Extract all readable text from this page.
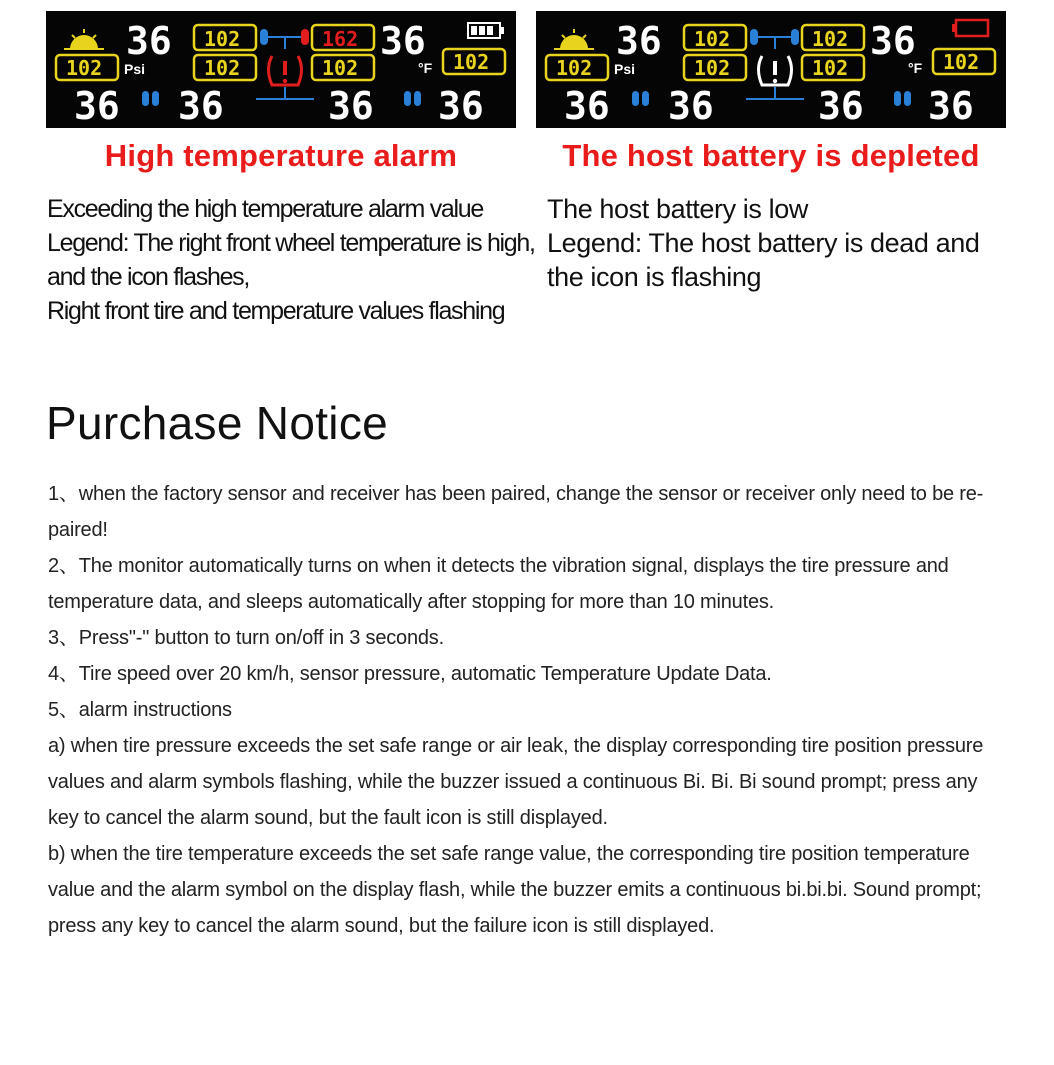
36 102	162 36
102 Psi	102	102	°F 102
36 36	36 36
36 102	102 36
102 Psi	102	102	°F 102
36 36	36 36
High temperature alarm	The host battery is depleted

Exceeding the high temperature alarm value
Legend: The right front wheel temperature is high,
and the icon flashes,
Right front tire and temperature values flashing

The host battery is low
Legend: The host battery is dead and
the icon is flashing

Purchase Notice
1、when the factory sensor and receiver has been paired, change the sensor or receiver only need to be re-paired!
2、The monitor automatically turns on when it detects the vibration signal, displays the tire pressure and temperature data, and sleeps automatically after stopping for more than 10 minutes.
3、Press"-" button to turn on/off in 3 seconds.
4、Tire speed over 20 km/h, sensor pressure, automatic Temperature Update Data.
5、alarm instructions
a) when tire pressure exceeds the set safe range or air leak, the display corresponding tire position pressure values and alarm symbols flashing, while the buzzer issued a continuous Bi. Bi. Bi sound prompt; press any key to cancel the alarm sound, but the fault icon is still displayed.
b) when the tire temperature exceeds the set safe range value, the corresponding tire position temperature value and the alarm symbol on the display flash, while the buzzer emits a continuous bi.bi.bi. Sound prompt; press any key to cancel the alarm sound, but the failure icon is still displayed.
